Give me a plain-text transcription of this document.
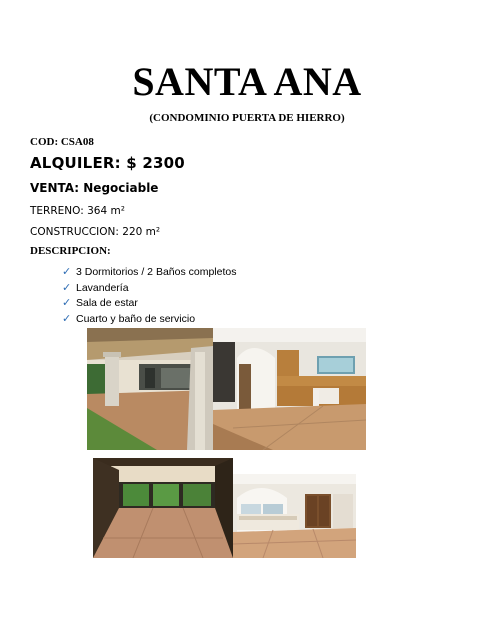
SANTA ANA
(CONDOMINIO PUERTA DE HIERRO)
COD: CSA08
ALQUILER: $ 2300
VENTA: Negociable
TERRENO: 364 m²
CONSTRUCCION: 220 m²
DESCRIPCION:
✓ 3 Dormitorios / 2 Baños completos
✓ Lavandería
✓ Sala de estar
✓ Cuarto y baño de servicio
